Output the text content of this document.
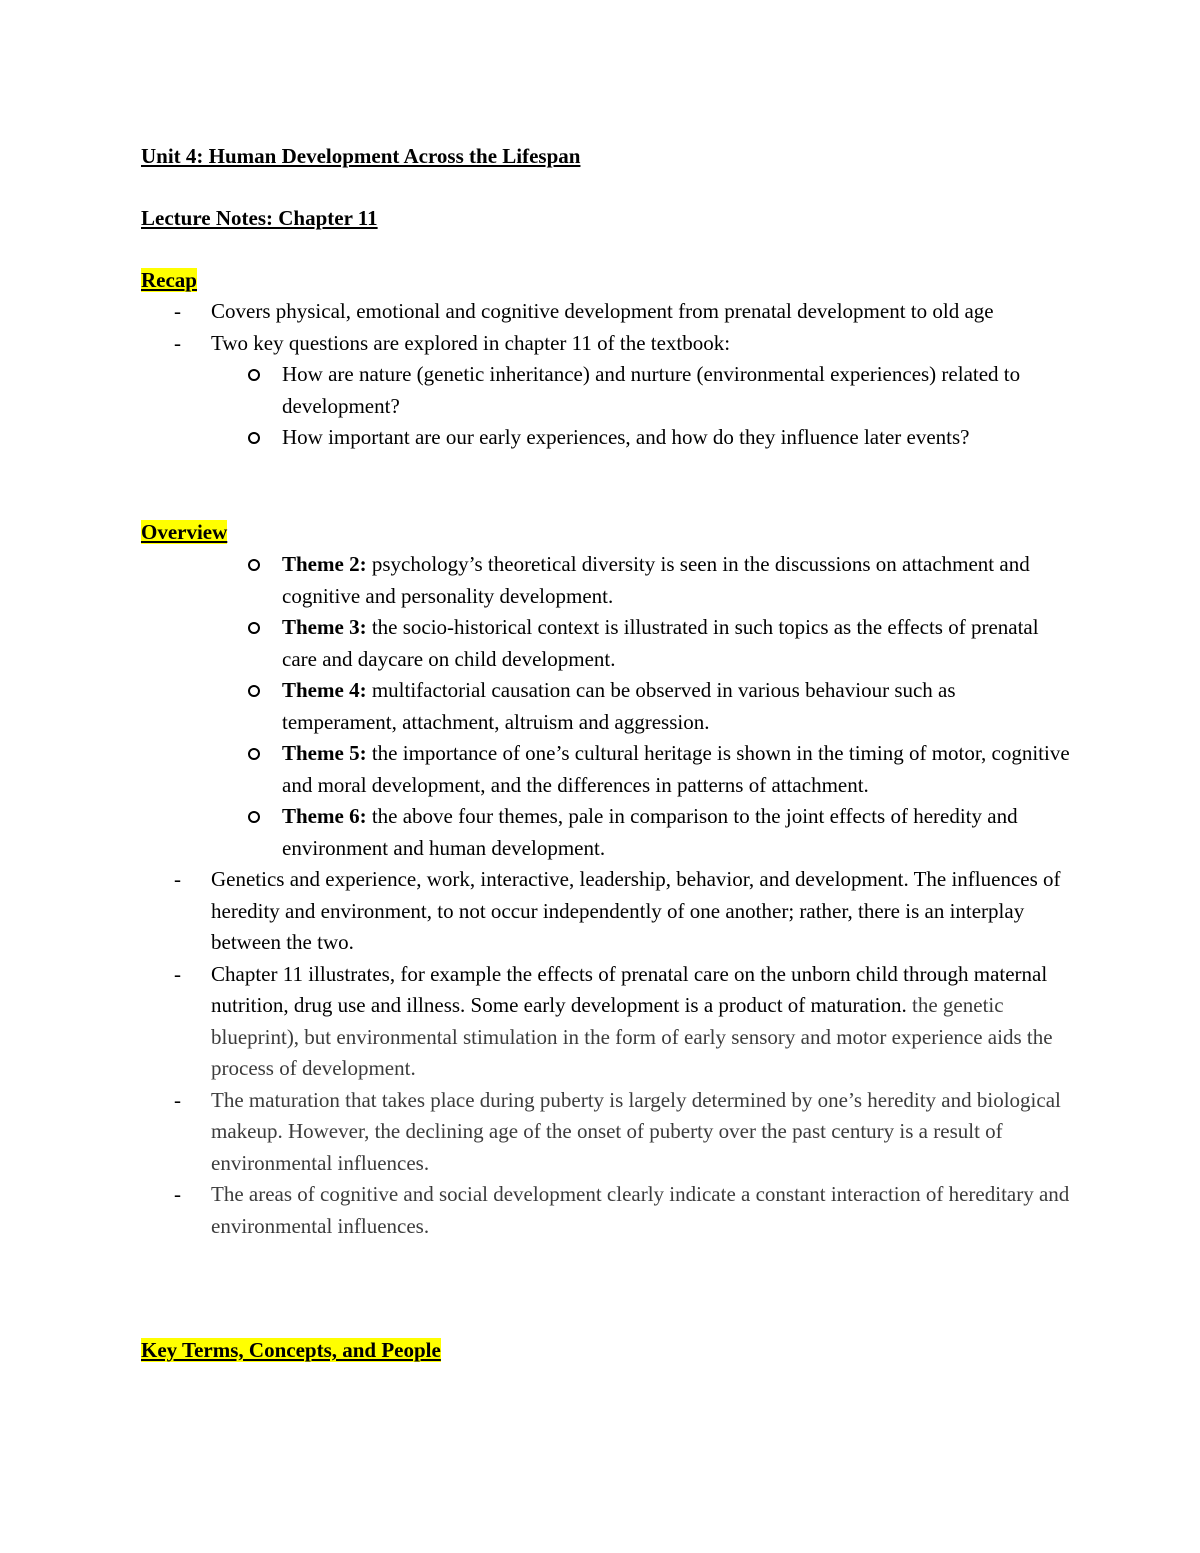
Unit 4: Human Development Across the Lifespan
Lecture Notes: Chapter 11
Recap
-	Covers physical, emotional and cognitive development from prenatal development to old age
-	Two key questions are explored in chapter 11 of the textbook:
How are nature (genetic inheritance) and nurture (environmental experiences) related to development?
How important are our early experiences, and how do they influence later events?
Overview
Theme 2: psychology’s theoretical diversity is seen in the discussions on attachment and cognitive and personality development.
Theme 3: the socio-historical context is illustrated in such topics as the effects of prenatal care and daycare on child development.
Theme 4: multifactorial causation can be observed in various behaviour such as temperament, attachment, altruism and aggression.
Theme 5: the importance of one’s cultural heritage is shown in the timing of motor, cognitive and moral development, and the differences in patterns of attachment.
Theme 6: the above four themes, pale in comparison to the joint effects of heredity and environment and human development.
-	Genetics and experience, work, interactive, leadership, behavior, and development. The influences of heredity and environment, to not occur independently of one another; rather, there is an interplay between the two.
-	Chapter 11 illustrates, for example the effects of prenatal care on the unborn child through maternal nutrition, drug use and illness. Some early development is a product of maturation. the genetic blueprint), but environmental stimulation in the form of early sensory and motor experience aids the process of development.
-	The maturation that takes place during puberty is largely determined by one’s heredity and biological makeup. However, the declining age of the onset of puberty over the past century is a result of environmental influences.
-	The areas of cognitive and social development clearly indicate a constant interaction of hereditary and environmental influences.
Key Terms, Concepts, and People
